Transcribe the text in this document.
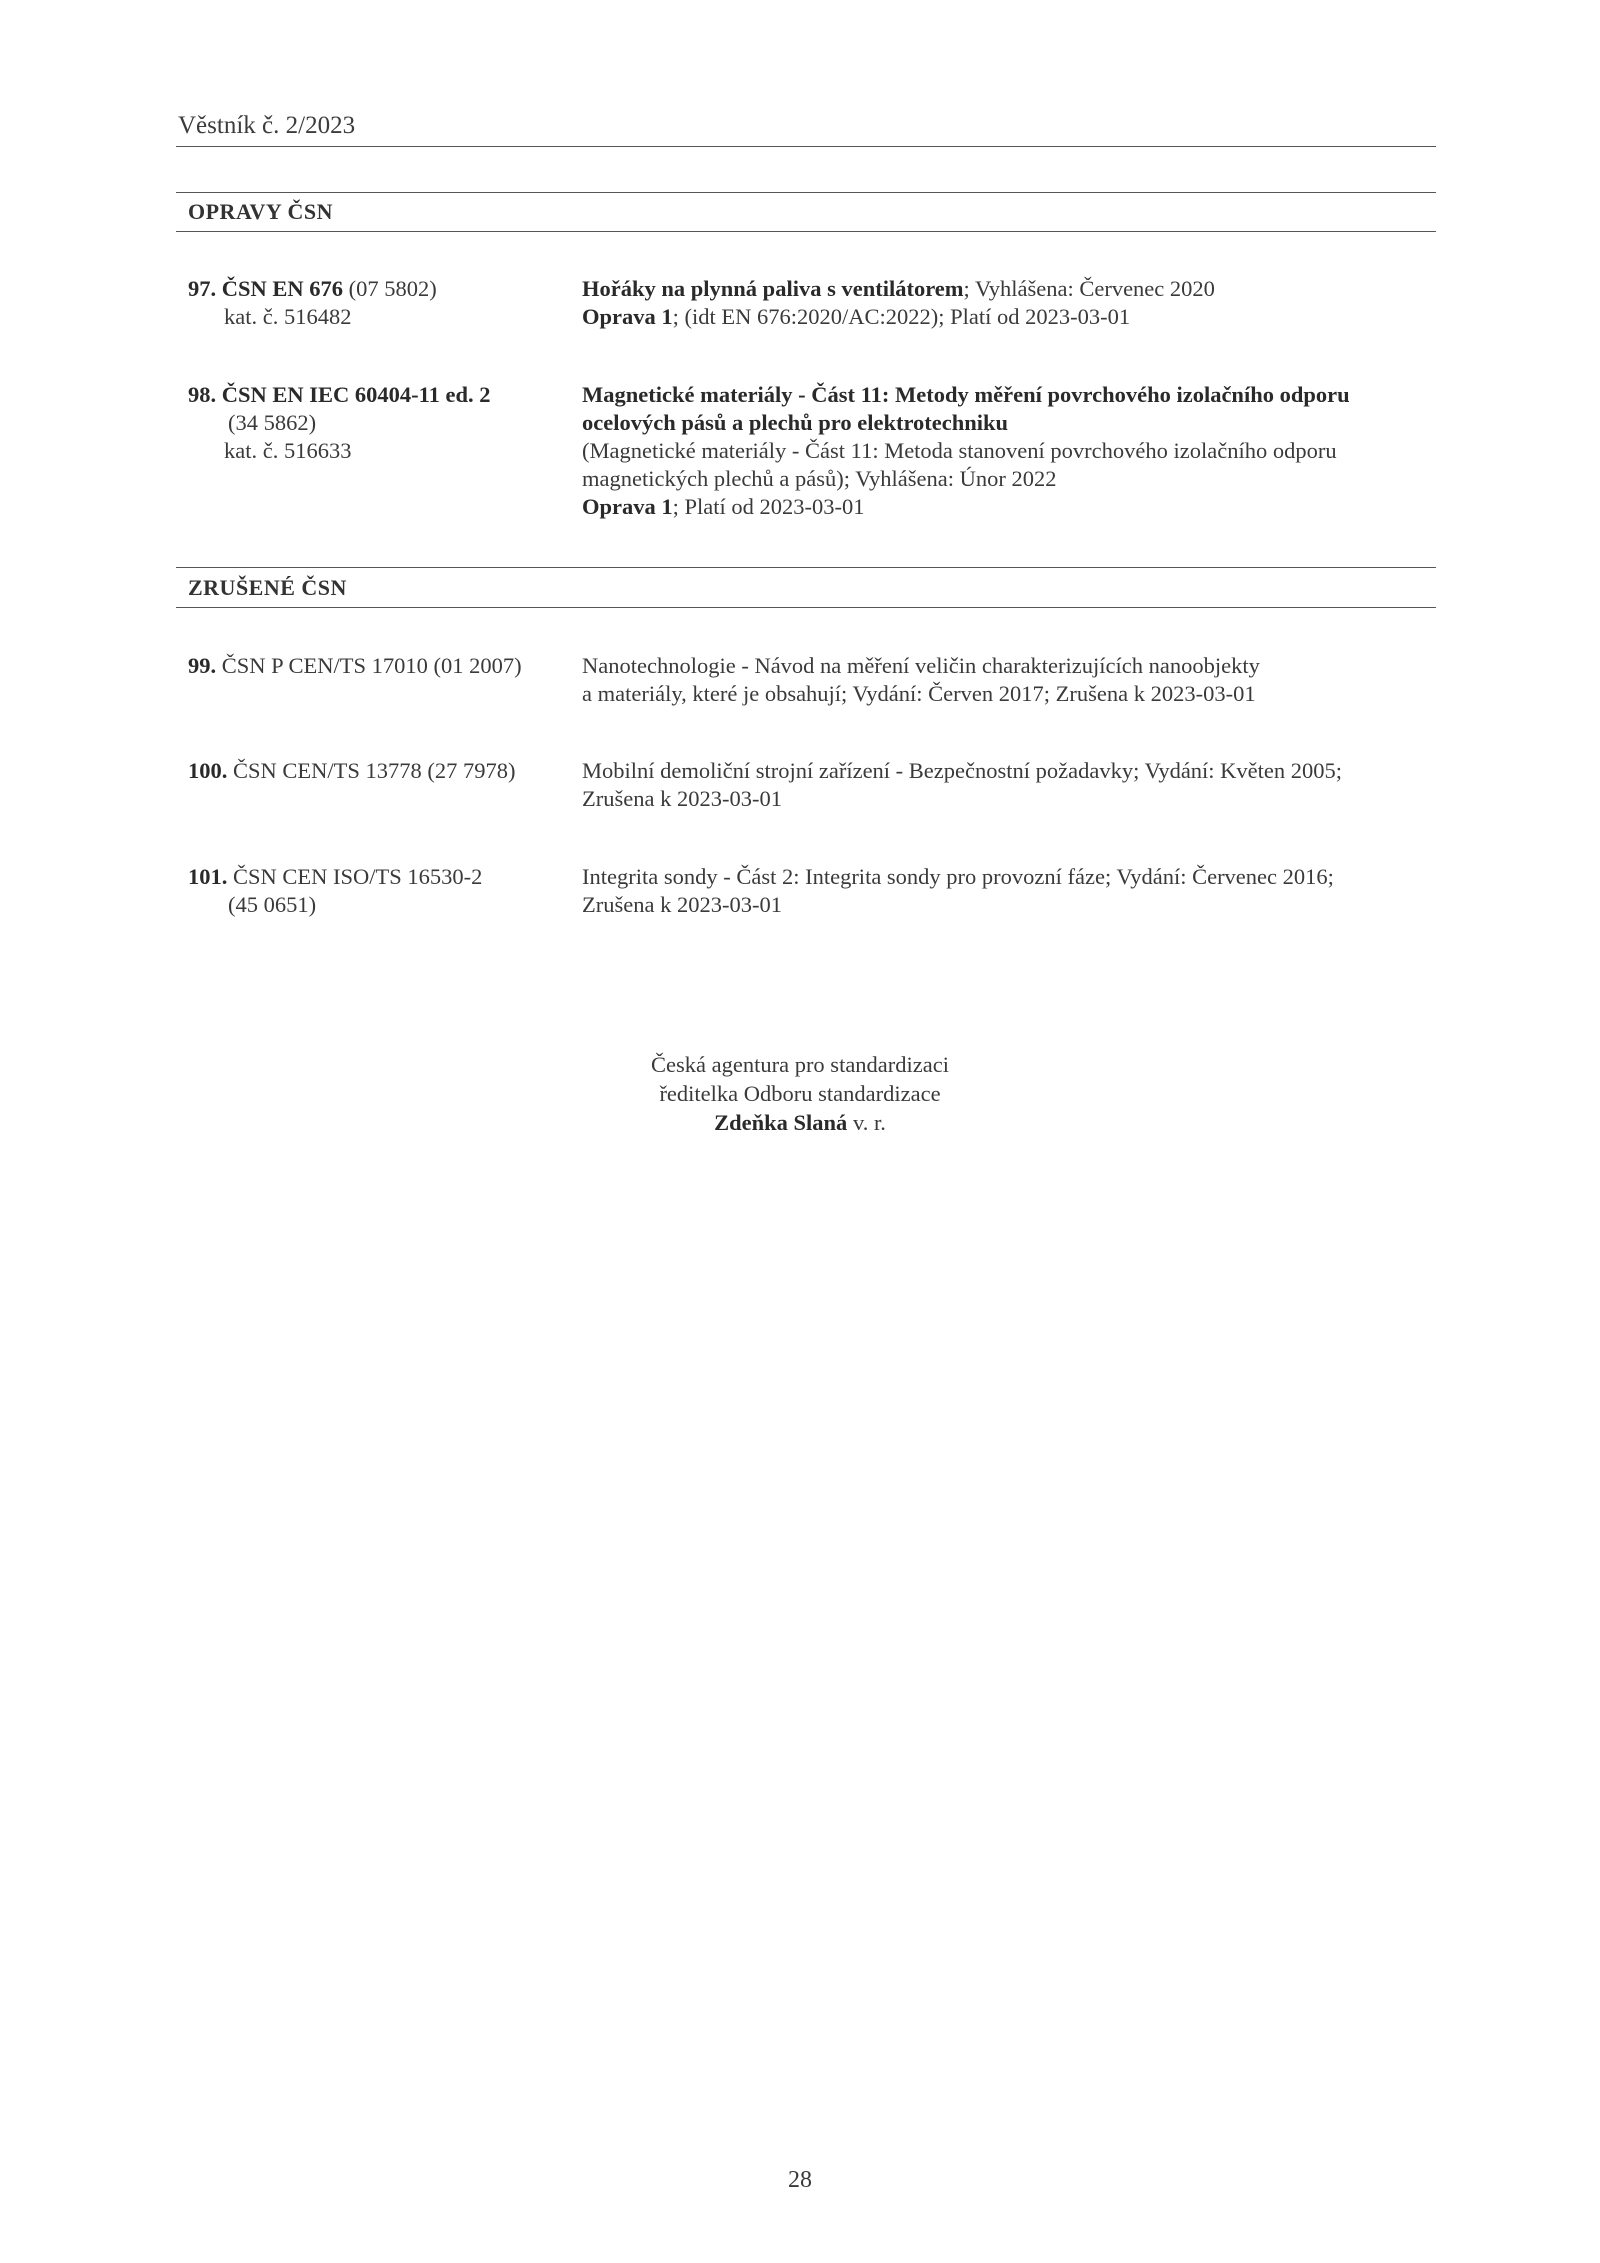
Věstník č. 2/2023
OPRAVY ČSN
97. ČSN EN 676 (07 5802)
kat. č. 516482
Hořáky na plynná paliva s ventilátorem; Vyhlášena: Červenec 2020
Oprava 1; (idt EN 676:2020/AC:2022); Platí od 2023-03-01
98. ČSN EN IEC 60404-11 ed. 2
(34 5862)
kat. č. 516633
Magnetické materiály - Část 11: Metody měření povrchového izolačního odporu
ocelových pásů a plechů pro elektrotechniku
(Magnetické materiály - Část 11: Metoda stanovení povrchového izolačního odporu
magnetických plechů a pásů); Vyhlášena: Únor 2022
Oprava 1; Platí od 2023-03-01
ZRUŠENÉ ČSN
99. ČSN P CEN/TS 17010 (01 2007)	Nanotechnologie - Návod na měření veličin charakterizujících nanoobjekty
a materiály, které je obsahují; Vydání: Červen 2017; Zrušena k 2023-03-01
100. ČSN CEN/TS 13778 (27 7978)	Mobilní demoliční strojní zařízení - Bezpečnostní požadavky; Vydání: Květen 2005;
Zrušena k 2023-03-01
101. ČSN CEN ISO/TS 16530-2
(45 0651)
Integrita sondy - Část 2: Integrita sondy pro provozní fáze; Vydání: Červenec 2016;
Zrušena k 2023-03-01
Česká agentura pro standardizaci
ředitelka Odboru standardizace
Zdeňka Slaná v. r.
28
